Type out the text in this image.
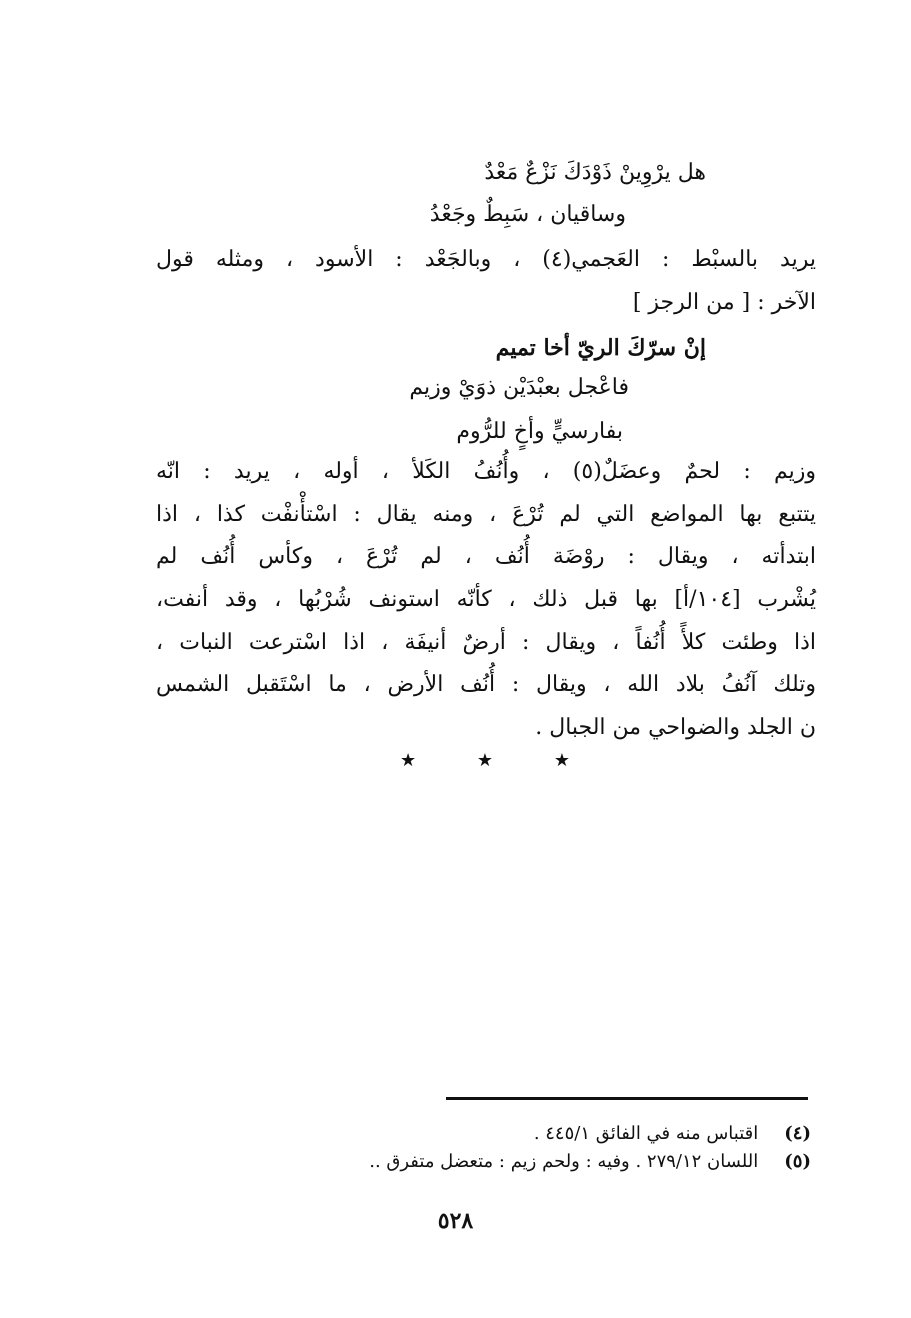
هل يرْوِينْ ذَوْدَكَ نَزْعٌ مَعْدٌ
وساقيان ، سَبِطٌ وجَعْدُ
يريد بالسبْط : العَجمي(٤) ، وبالجَعْد : الأسود ، ومثله قول
الآخر : [ من الرجز ]
إنْ سرّكَ الريّ أخا تميم
فاعْجل بعبْدَيْن ذوَيْ وزيم
بفارسيٍّ وأخٍ للرُّوم
وزيم : لحمٌ وعضَلٌ(٥) ، وأُنُفُ الكَلأ ، أوله ، يريد : انّه
يتتبع بها المواضع التي لم تُرْعَ ، ومنه يقال : اسْتأْنفْت كذا ، اذا
ابتدأته ، ويقال : روْضَة أُنُف ، لم تُرْعَ ، وكأس أُنُف لم
يُشْرب [١٠٤/أ] بها قبل ذلك ، كأنّه استونف شُرْبُها ، وقد أنفت،
اذا وطئت كلأً أُنُفاً ، ويقال : أرضٌ أنيفَة ، اذا اسْترعت النبات ،
وتلك آنُفُ بلاد الله ، ويقال : أُنُف الأرض ، ما اسْتَقبل الشمس
ن الجلد والضواحي من الجبال .
★	★	★
(٤)
اقتباس منه في الفائق ٤٤٥/١ .
(٥)
اللسان ٢٧٩/١٢ . وفيه : ولحم زيم : متعضل متفرق ..
٥٢٨
